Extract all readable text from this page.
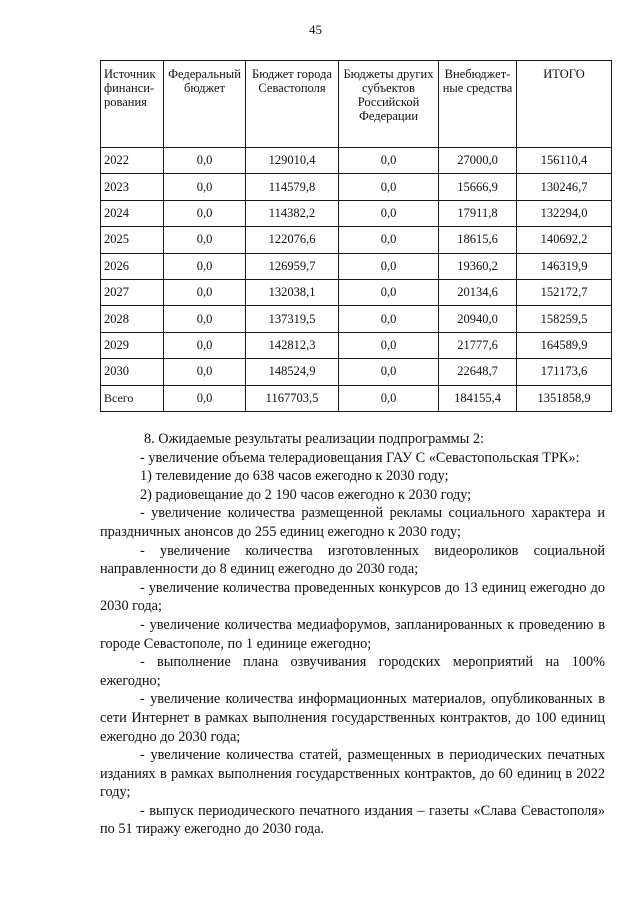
45
Источник финанси-рования	Федеральный бюджет	Бюджет города Севастополя	Бюджеты других субъектов Российской Федерации	Внебюджет-ные средства	ИТОГО
2022	0,0	129010,4	0,0	27000,0	156110,4
2023	0,0	114579,8	0,0	15666,9	130246,7
2024	0,0	114382,2	0,0	17911,8	132294,0
2025	0,0	122076,6	0,0	18615,6	140692,2
2026	0,0	126959,7	0,0	19360,2	146319,9
2027	0,0	132038,1	0,0	20134,6	152172,7
2028	0,0	137319,5	0,0	20940,0	158259,5
2029	0,0	142812,3	0,0	21777,6	164589,9
2030	0,0	148524,9	0,0	22648,7	171173,6
Всего	0,0	1167703,5	0,0	184155,4	1351858,9

8. Ожидаемые результаты реализации подпрограммы 2:

- увеличение объема телерадиовещания ГАУ С «Севастопольская ТРК»:

1) телевидение до 638 часов ежегодно к 2030 году;

2) радиовещание до 2 190 часов ежегодно к 2030 году;

- увеличение количества размещенной рекламы социального характера и праздничных анонсов до 255 единиц ежегодно к 2030 году;

- увеличение количества изготовленных видеороликов социальной направленности до 8 единиц ежегодно до 2030 года;

- увеличение количества проведенных конкурсов до 13 единиц ежегодно до 2030 года;

- увеличение количества медиафорумов, запланированных к проведению в городе Севастополе, по 1 единице ежегодно;

- выполнение плана озвучивания городских мероприятий на 100% ежегодно;

- увеличение количества информационных материалов, опубликованных в сети Интернет в рамках выполнения государственных контрактов, до 100 единиц ежегодно до 2030 года;

- увеличение количества статей, размещенных в периодических печатных изданиях в рамках выполнения государственных контрактов, до 60 единиц в 2022 году;

- выпуск периодического печатного издания – газеты «Слава Севастополя» по 51 тиражу ежегодно до 2030 года.
